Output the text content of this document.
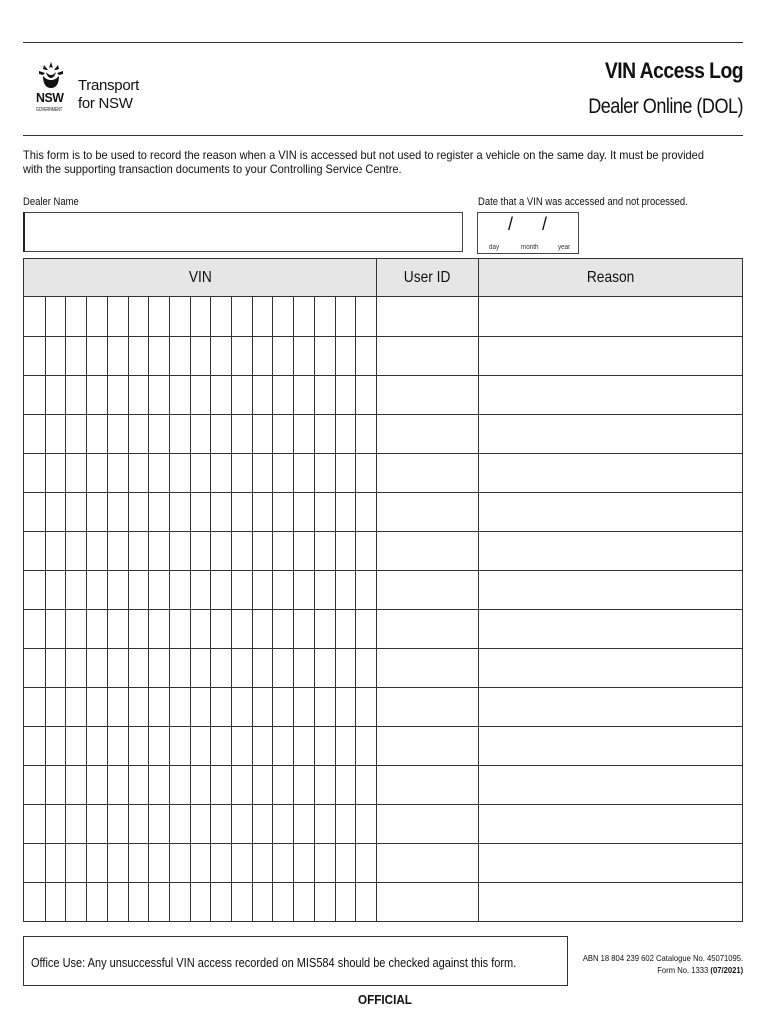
NSW
GOVERNMENT
Transport
for NSW
VIN Access Log
Dealer Online (DOL)
This form is to be used to record the reason when a VIN is accessed but not used to register a vehicle on the same day. It must be provided with the supporting transaction documents to your Controlling Service Centre.
Dealer Name	Date that a VIN was accessed and not processed.
/ /
day	month	year
VIN	User ID	Reason
Office Use: Any unsuccessful VIN access recorded on MIS584 should be checked against this form.	ABN 18 804 239 602 Catalogue No. 45071095.
Form No. 1333 (07/2021)
OFFICIAL
